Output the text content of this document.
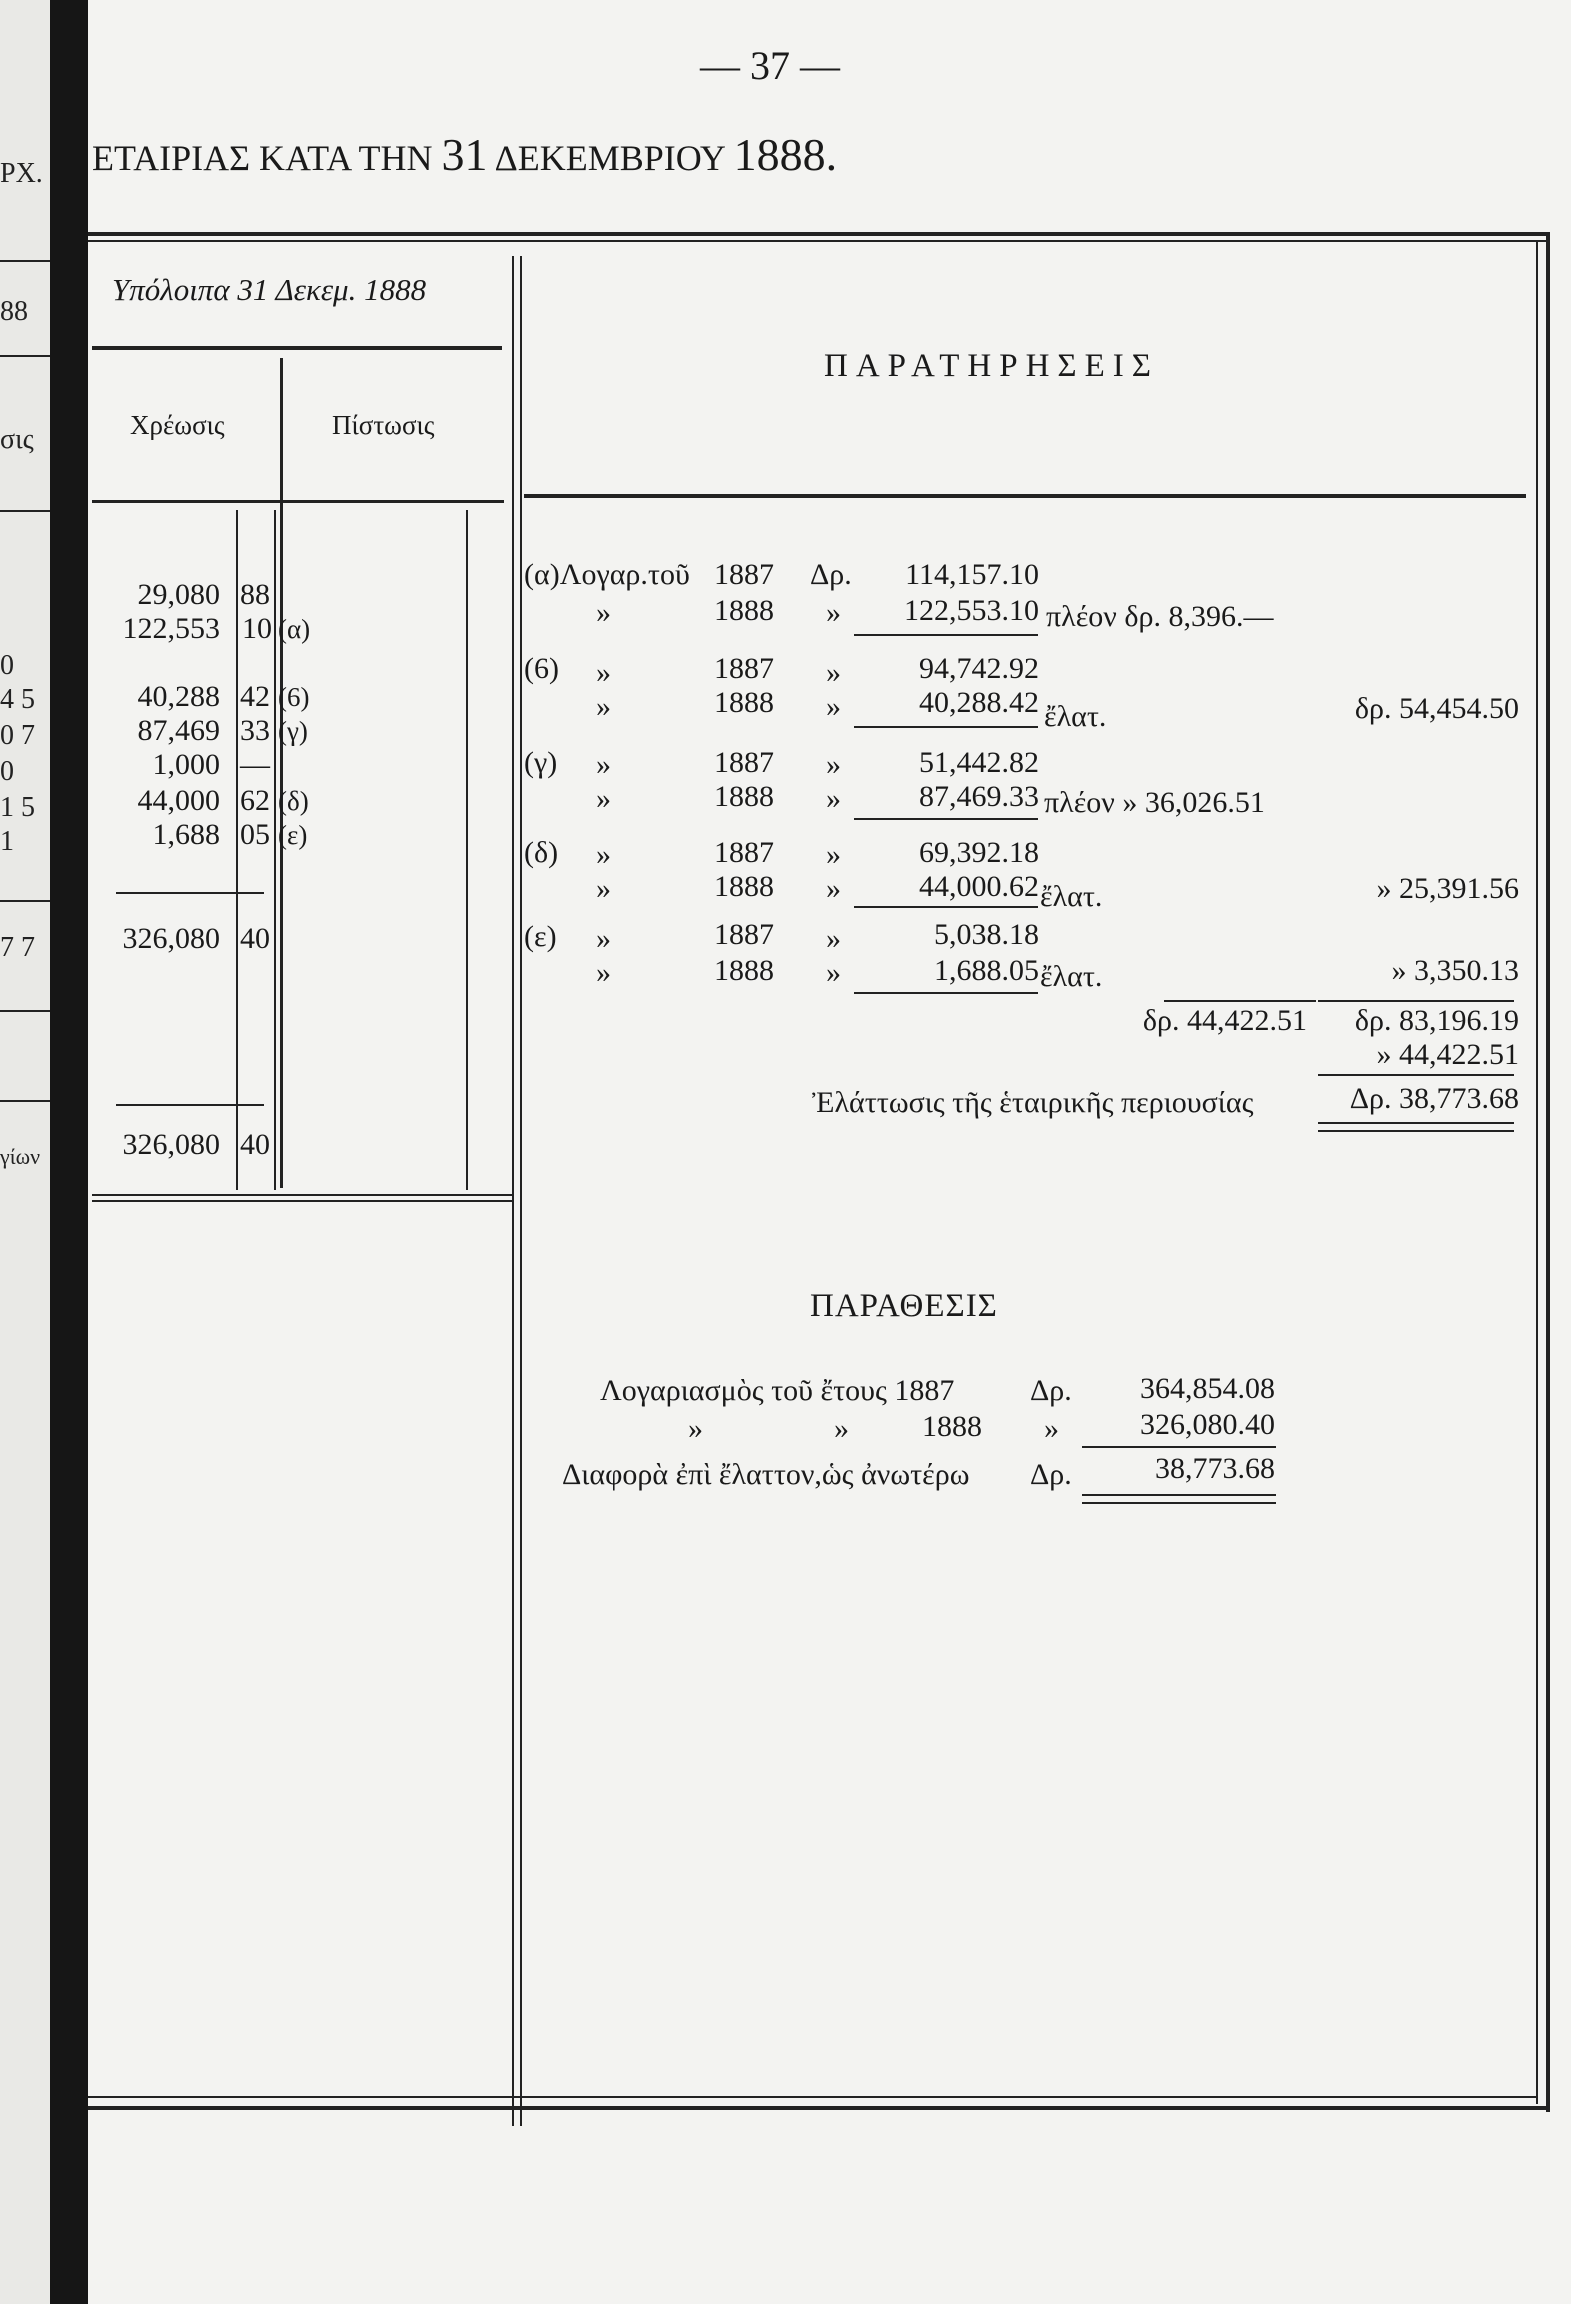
PX.
88
σις
0
4 5
0 7
0
1 5
1
7 7
γίων
— 37 —
ΕΤΑΙΡΙΑΣ ΚΑΤΑ ΤΗΝ 31 ΔΕΚΕΜΒΡΙΟΥ 1888.
Υπόλοιπα 31 Δεκεμ. 1888
Χρέωσις	Πίστωσις
29,080 88
122,553 10 (α)
40,288 42 (6)
87,469 33 (γ)
1,000 —
44,000 62 (δ)
1,688 05 (ε)
326,080 40
326,080 40
ΠΑΡΑΤΗΡΗΣΕΙΣ
(α)Λογαρ.τοῦ 1887 Δρ. 114,157.10
»	1888 » 122,553.10 πλέον δρ. 8,396.—
(6) »	1887 »	94,742.92
»	1888 »	40,288.42 ἔλατ.	δρ. 54,454.50
(γ) »	1887 »	51,442.82
»	1888 »	87,469.33 πλέον » 36,026.51
(δ) »	1887 »	69,392.18
»	1888 »	44,000.62 ἔλατ.	» 25,391.56
(ε) »	1887 »	5,038.18
»	1888 »	1,688.05 ἔλατ.	» 3,350.13
δρ. 44,422.51 δρ. 83,196.19
» 44,422.51
Ἐλάττωσις τῆς ἑταιρικῆς περιουσίας	Δρ. 38,773.68
ΠΑΡΑΘΕΣΙΣ
Λογαριασμὸς τοῦ ἔτους 1887	Δρ. 364,854.08
»	» 1888 »	326,080.40
Διαφορὰ ἐπὶ ἔλαττον,ὡς ἀνωτέρω Δρ.	38,773.68
